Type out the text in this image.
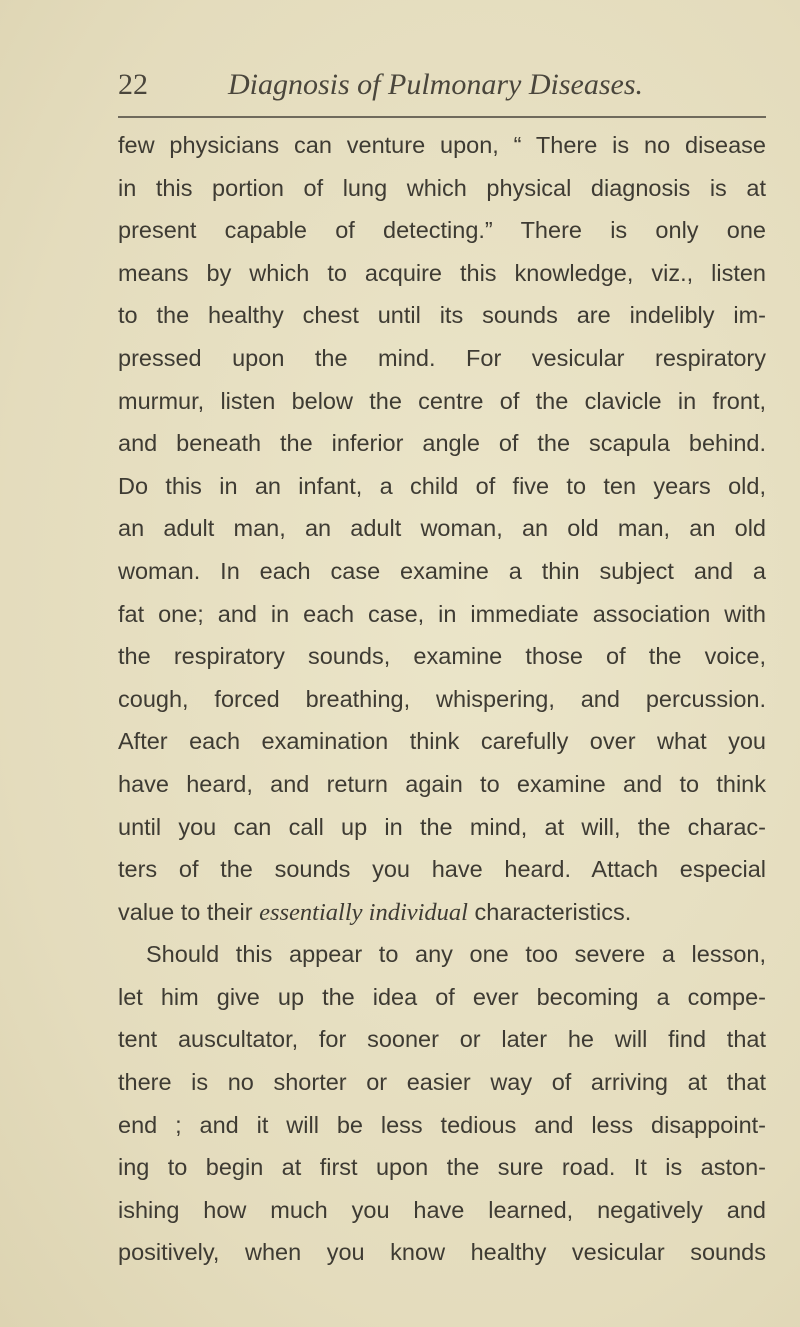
22	Diagnosis of Pulmonary Diseases.
few physicians can venture upon, “ There is no disease
in this portion of lung which physical diagnosis is at
present capable of detecting.” There is only one
means by which to acquire this knowledge, viz., listen
to the healthy chest until its sounds are indelibly im-
pressed upon the mind. For vesicular respiratory
murmur, listen below the centre of the clavicle in front,
and beneath the inferior angle of the scapula behind.
Do this in an infant, a child of five to ten years old,
an adult man, an adult woman, an old man, an old
woman. In each case examine a thin subject and a
fat one; and in each case, in immediate association with
the respiratory sounds, examine those of the voice,
cough, forced breathing, whispering, and percussion.
After each examination think carefully over what you
have heard, and return again to examine and to think
until you can call up in the mind, at will, the charac-
ters of the sounds you have heard. Attach especial
value to their essentially individual characteristics.
Should this appear to any one too severe a lesson,
let him give up the idea of ever becoming a compe-
tent auscultator, for sooner or later he will find that
there is no shorter or easier way of arriving at that
end ; and it will be less tedious and less disappoint-
ing to begin at first upon the sure road. It is aston-
ishing how much you have learned, negatively and
positively, when you know healthy vesicular sounds
